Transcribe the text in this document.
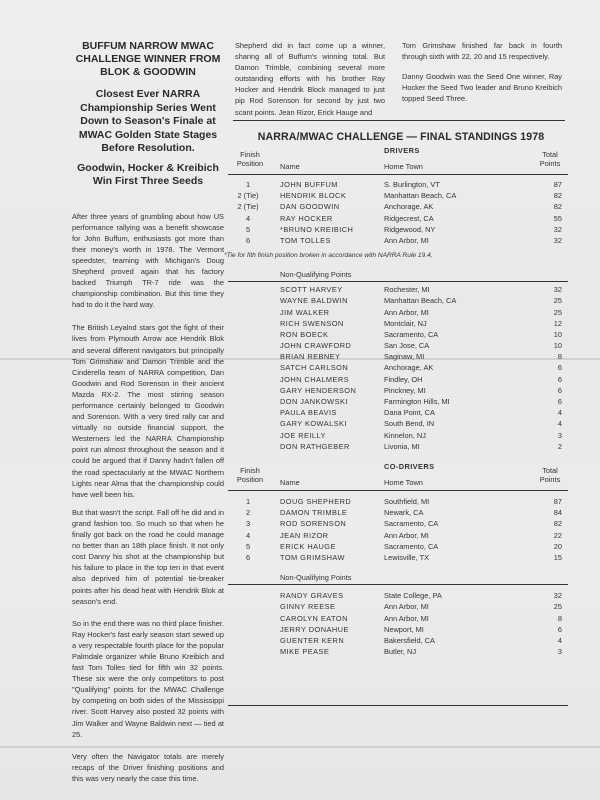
BUFFUM NARROW MWAC CHALLENGE WINNER FROM BLOK & GOODWIN

Closest Ever NARRA Championship Series Went Down to Season's Finale at MWAC Golden State Stages Before Resolution.

Goodwin, Hocker & Kreibich Win First Three Seeds

After three years of grumbling about how US performance rallying was a benefit showcase for John Buffum, enthusiasts got more than their money's worth in 1978. The Vermont speedster, teaming with Michigan's Doug Shepherd proved again that his factory backed Triumph TR-7 ride was the championship combination. But this time they had to do it the hard way.

The British Leyalnd stars got the fight of their lives from Plymouth Arrow ace Hendrik Blok and several different navigators but principally Tom Grimshaw and Damon Trimble and the Cinderella team of NARRA competition, Dan Goodwin and Rod Sorenson in their ancient Mazda RX-2. The most stirring season performance certainly belonged to Goodwin and Sorenson. With a very tired rally car and virtually no outside financial support, the Westerners led the NARRA Championship point run almost throughout the season and it could be argued that if Danny hadn't fallen off the road spectacularly at the MWAC Northern Lights near Alma that the championship could have well been his.

But that wasn't the script. Fall off he did and in grand fashion too. So much so that when he finally got back on the road he could manage no better than an 18th place finish. It not only cost Danny his shot at the championship but his failure to place in the top ten in that event also deprived him of potential tie-breaker points after his dead heat with Hendrik Blok at season's end.

So in the end there was no third place finisher. Ray Hocker's fast early season start sewed up a very respectable fourth place for the popular Palmdale organizer while Bruno Kreibich and fast Tom Tolles tied for fifth win 32 points. These six were the only competitors to post "Qualifying" points for the MWAC Challenge by competing on both sides of the Mississippi river. Scott Harvey also posted 32 points with Jim Walker and Wayne Baldwin next — tied at 25.

Very often the Navigator totals are merely recaps of the Driver finishing positions and this was very nearly the case this time.

Shepherd did in fact come up a winner, sharing all of Buffum's winning total. But Damon Trimble, combining several more outstanding efforts with his brother Ray Hocker and Hendrik Block managed to just pip Rod Sorenson for second by just two scant points. Jean Rizor, Erick Hauge and

Tom Grimshaw finished far back in fourth through sixth with 22, 20 and 15 respectively.

Danny Goodwin was the Seed One winner, Ray Hocker the Seed Two leader and Bruno Kreibich topped Seed Three.

NARRA/MWAC CHALLENGE — FINAL STANDINGS 1978
Finish
Position	Name
DRIVERS
Home Town
Total
Points
1	JOHN BUFFUM	S. Burlington, VT	87
2 (Tie)	HENDRIK BLOCK	Manhattan Beach, CA	82
2 (Tie)	DAN GOODWIN	Anchorage, AK	82
4	RAY HOCKER	Ridgecrest, CA	55
5	*BRUNO KREIBICH	Ridgewood, NY	32
6	TOM TOLLES	Ann Arbor, MI	32
*Tie for fith finish position broken in accordance with NARRA Rule 19.4.
Non-Qualifying Points
SCOTT HARVEY	Rochester, MI	32
WAYNE BALDWIN	Manhattan Beach, CA	25
JIM WALKER	Ann Arbor, MI	25
RICH SWENSON	Montclair, NJ	12
RON BOECK	Sacramento, CA	10
JOHN CRAWFORD	San Jose, CA	10
BRIAN REBNEY	Saginaw, MI	8
SATCH CARLSON	Anchorage, AK	6
JOHN CHALMERS	Findley, OH	6
GARY HENDERSON	Pinckney, MI	6
DON JANKOWSKI	Farmington Hills, MI	6
PAULA BEAVIS	Dana Point, CA	4
GARY KOWALSKI	South Bend, IN	4
JOE REILLY	Kinnelon, NJ	3
DON RATHGEBER	Livonia, MI	2
Finish
Position	Name
CO-DRIVERS
Home Town
Total
Points
1	DOUG SHEPHERD	Southfield, MI	87
2	DAMON TRIMBLE	Newark, CA	84
3	ROD SORENSON	Sacramento, CA	82
4	JEAN RIZOR	Ann Arbor, MI	22
5	ERICK HAUGE	Sacramento, CA	20
6	TOM GRIMSHAW	Lewisville, TX	15
Non-Qualifying Points
RANDY GRAVES	State College, PA	32
GINNY REESE	Ann Arbor, MI	25
CAROLYN EATON	Ann Arbor, MI	8
JERRY DONAHUE	Newport, MI	6
GUENTER KERN	Bakersfield, CA	4
MIKE PEASE	Butler, NJ	3
